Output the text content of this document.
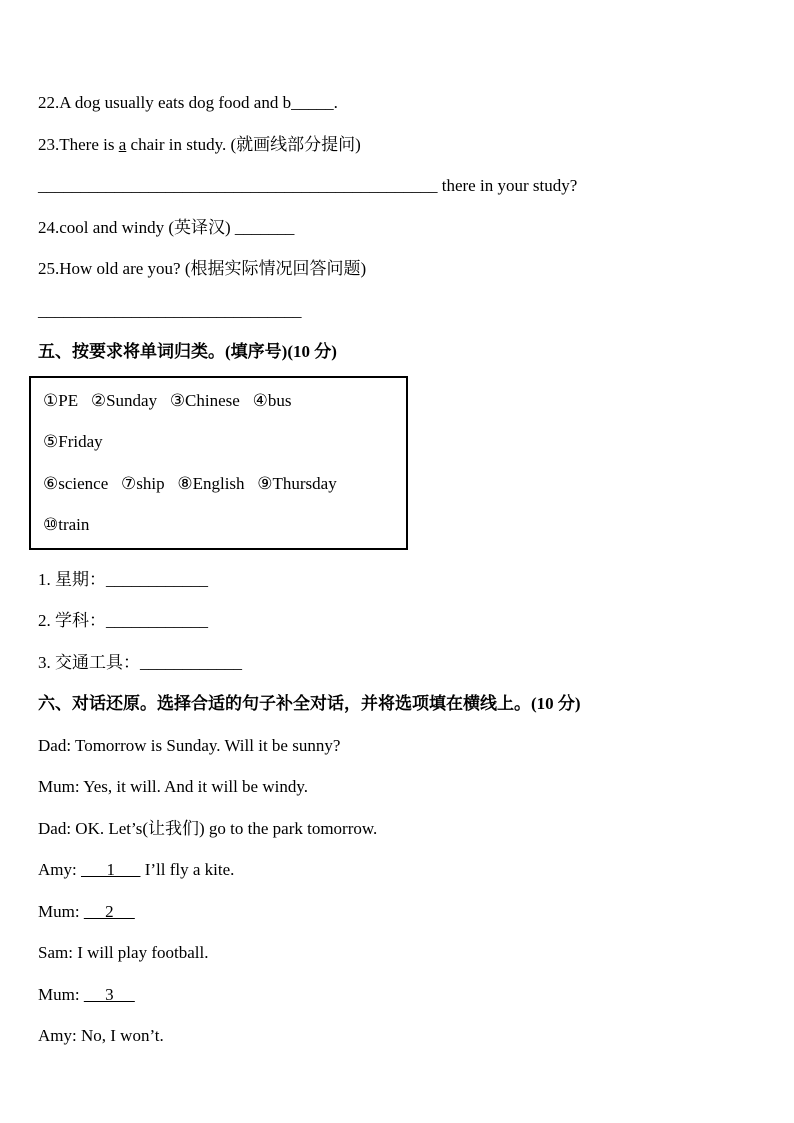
22.A dog usually eats dog food and b_____.

23.There is a chair in study. (就画线部分提问)

_______________________________________________ there in your study?

24.cool and windy (英译汉) _______

25.How old are you? (根据实际情况回答问题)

_______________________________

五、按要求将单词归类。(填序号)(10 分)

①PE   ②Sunday   ③Chinese   ④bus

⑤Friday

⑥science   ⑦ship   ⑧English   ⑨Thursday

⑩train

1. 星期：____________

2. 学科：____________

3. 交通工具：____________

六、对话还原。选择合适的句子补全对话，并将选项填在横线上。(10 分)

Dad: Tomorrow is Sunday. Will it be sunny?

Mum: Yes, it will. And it will be windy.

Dad: OK. Let’s(让我们) go to the park tomorrow.

Amy:       1       I’ll fly a kite.

Mum:      2

Sam: I will play football.

Mum:      3

Amy: No, I won’t.
